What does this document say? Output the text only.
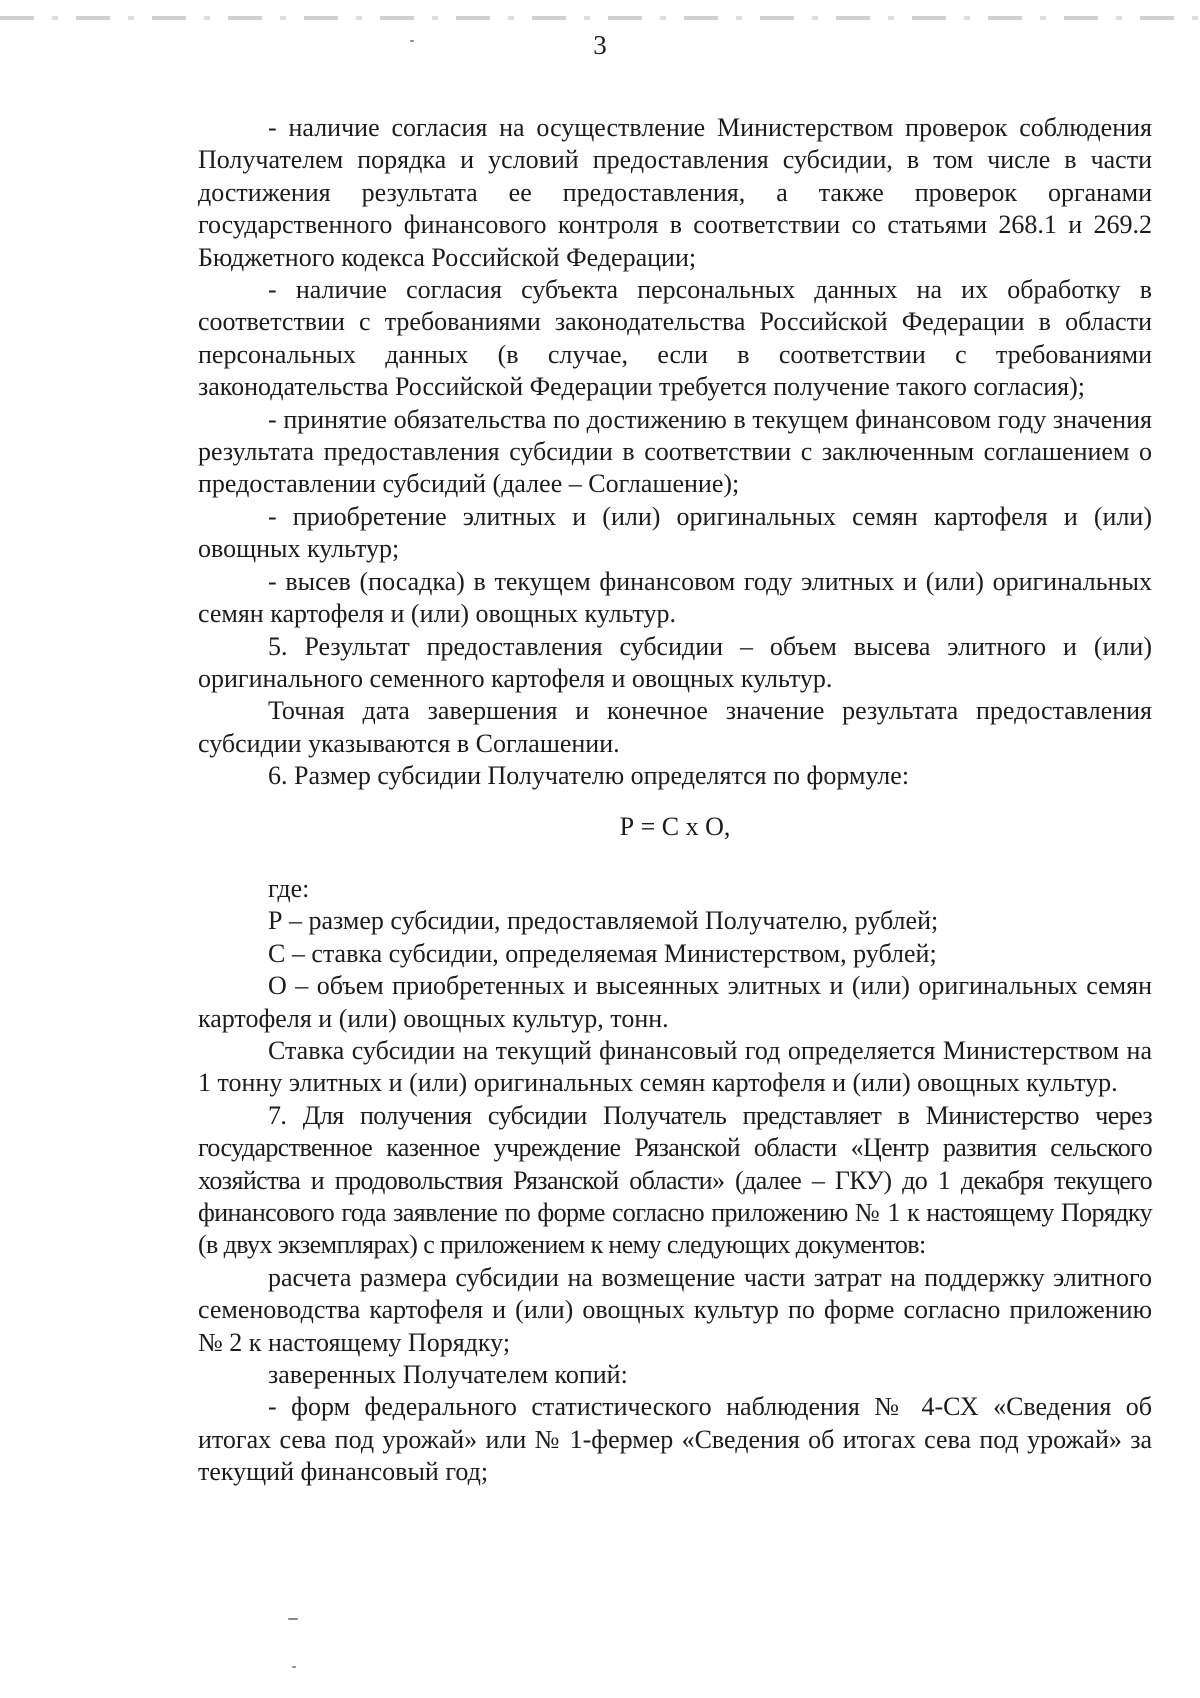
3

- наличие согласия на осуществление Министерством проверок соблюдения Получателем порядка и условий предоставления субсидии, в том числе в части достижения результата ее предоставления, а также проверок органами государственного финансового контроля в соответствии со статьями 268.1 и 269.2 Бюджетного кодекса Российской Федерации;

- наличие согласия субъекта персональных данных на их обработку в соответствии с требованиями законодательства Российской Федерации в области персональных данных (в случае, если в соответствии с требованиями законодательства Российской Федерации требуется получение такого согласия);

- принятие обязательства по достижению в текущем финансовом году значения результата предоставления субсидии в соответствии с заключенным соглашением о предоставлении субсидий (далее – Соглашение);

- приобретение элитных и (или) оригинальных семян картофеля и (или) овощных культур;

- высев (посадка) в текущем финансовом году элитных и (или) оригинальных семян картофеля и (или) овощных культур.

5. Результат предоставления субсидии – объем высева элитного и (или) оригинального семенного картофеля и овощных культур.

Точная дата завершения и конечное значение результата предоставления субсидии указываются в Соглашении.

6. Размер субсидии Получателю определятся по формуле:

Р = С х О,

где:

Р – размер субсидии, предоставляемой Получателю, рублей;

С – ставка субсидии, определяемая Министерством, рублей;

О – объем приобретенных и высеянных элитных и (или) оригинальных семян картофеля и (или) овощных культур, тонн.

Ставка субсидии на текущий финансовый год определяется Министерством на 1 тонну элитных и (или) оригинальных семян картофеля и (или) овощных культур.

7. Для получения субсидии Получатель представляет в Министерство через государственное казенное учреждение Рязанской области «Центр развития сельского хозяйства и продовольствия Рязанской области» (далее – ГКУ) до 1 декабря текущего финансового года заявление по форме согласно приложению № 1 к настоящему Порядку (в двух экземплярах) с приложением к нему следующих документов:

расчета размера субсидии на возмещение части затрат на поддержку элитного семеноводства картофеля и (или) овощных культур по форме согласно приложению № 2 к настоящему Порядку;

заверенных Получателем копий:

- форм федерального статистического наблюдения № 4-СХ «Сведения об итогах сева под урожай» или № 1-фермер «Сведения об итогах сева под урожай» за текущий финансовый год;
